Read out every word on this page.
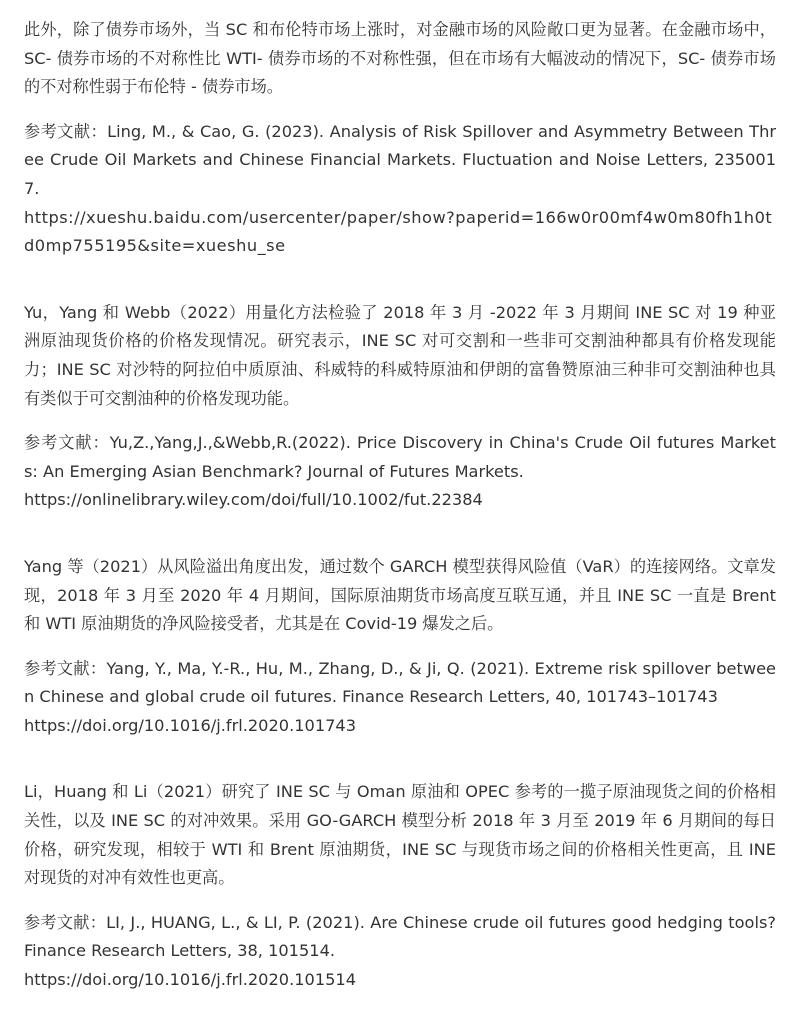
此外，除了债券市场外，当 SC 和布伦特市场上涨时，对金融市场的风险敞口更为显著。在金融市场中，SC- 债券市场的不对称性比 WTI- 债券市场的不对称性强，但在市场有大幅波动的情况下，SC- 债券市场的不对称性弱于布伦特 - 债券市场。

参考文献：Ling, M., & Cao, G. (2023). Analysis of Risk Spillover and Asymmetry Between Three Crude Oil Markets and Chinese Financial Markets. Fluctuation and Noise Letters, 2350017.
https://xueshu.baidu.com/usercenter/paper/show?paperid=166w0r00mf4w0m80fh1h0td0mp755195&site=xueshu_se

Yu，Yang 和 Webb（2022）用量化方法检验了 2018 年 3 月 -2022 年 3 月期间 INE SC 对 19 种亚洲原油现货价格的价格发现情况。研究表示，INE SC 对可交割和一些非可交割油种都具有价格发现能力；INE SC 对沙特的阿拉伯中质原油、科威特的科威特原油和伊朗的富鲁赞原油三种非可交割油种也具有类似于可交割油种的价格发现功能。

参考文献：Yu,Z.,Yang,J.,&Webb,R.(2022). Price Discovery in China's Crude Oil futures Markets: An Emerging Asian Benchmark? Journal of Futures Markets.
https://onlinelibrary.wiley.com/doi/full/10.1002/fut.22384

Yang 等（2021）从风险溢出角度出发，通过数个 GARCH 模型获得风险值（VaR）的连接网络。文章发现，2018 年 3 月至 2020 年 4 月期间，国际原油期货市场高度互联互通，并且 INE SC 一直是 Brent 和 WTI 原油期货的净风险接受者，尤其是在 Covid-19 爆发之后。

参考文献：Yang, Y., Ma, Y.-R., Hu, M., Zhang, D., & Ji, Q. (2021). Extreme risk spillover between Chinese and global crude oil futures. Finance Research Letters, 40, 101743–101743
https://doi.org/10.1016/j.frl.2020.101743

Li，Huang 和 Li（2021）研究了 INE SC 与 Oman 原油和 OPEC 参考的一揽子原油现货之间的价格相关性，以及 INE SC 的对冲效果。采用 GO-GARCH 模型分析 2018 年 3 月至 2019 年 6 月期间的每日价格，研究发现，相较于 WTI 和 Brent 原油期货，INE SC 与现货市场之间的价格相关性更高，且 INE 对现货的对冲有效性也更高。

参考文献：LI, J., HUANG, L., & LI, P. (2021). Are Chinese crude oil futures good hedging tools? Finance Research Letters, 38, 101514.
https://doi.org/10.1016/j.frl.2020.101514
